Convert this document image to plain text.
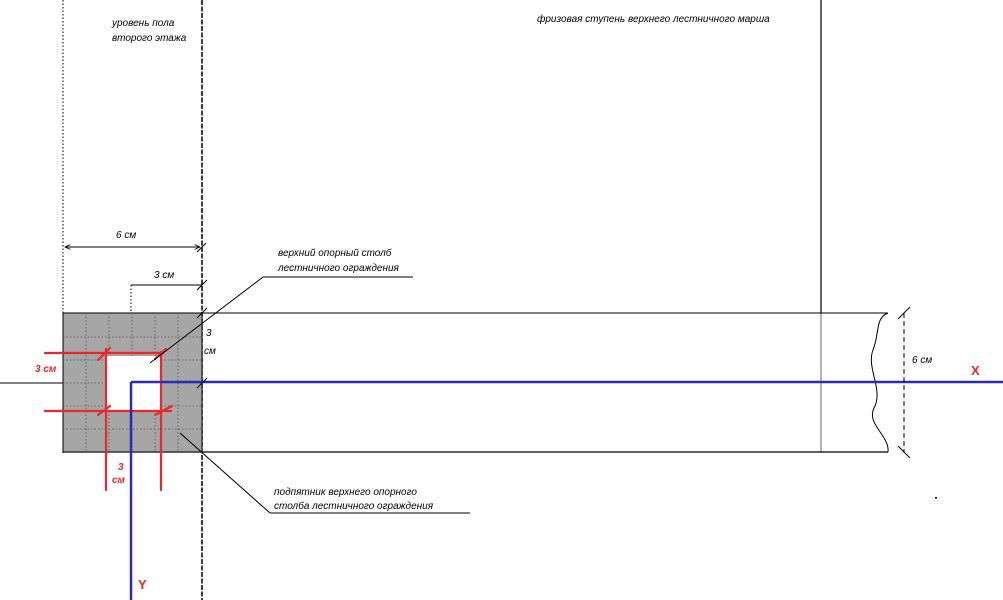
уровень пола
второго этажа
фризовая ступень верхнего лестничного марша
верхний опорный столб
лестничного ограждения
подпятник верхнего опорного
столба лестничного ограждения
6 см
3 см
3
см
6 см
3 см
3
см
X
Y
